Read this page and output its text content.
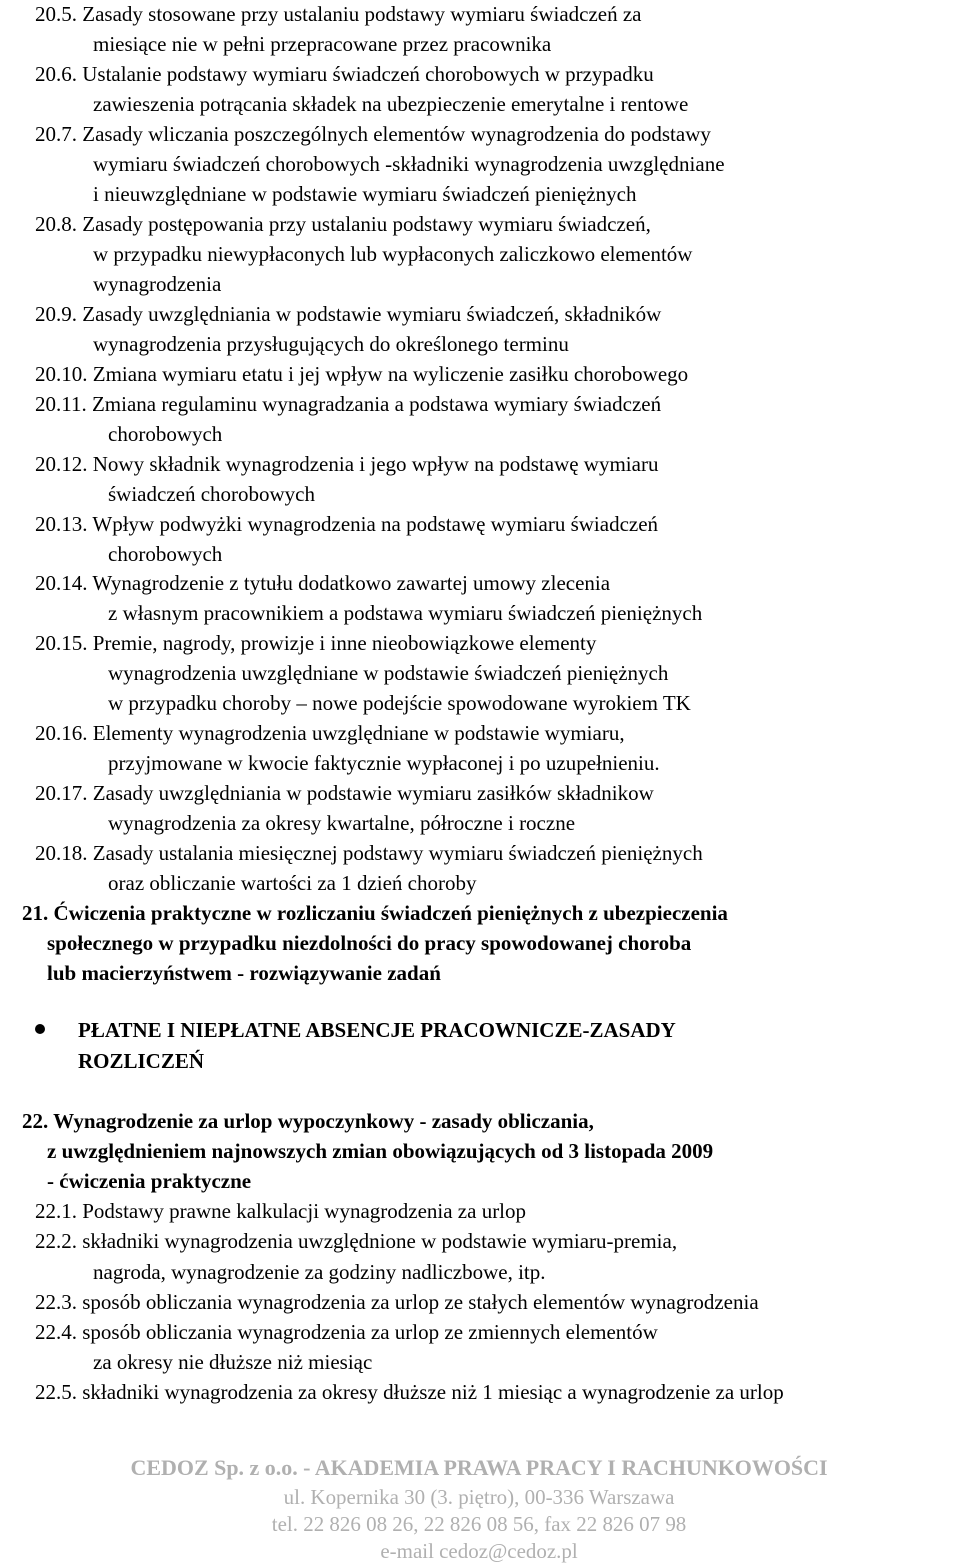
20.5. Zasady stosowane przy ustalaniu podstawy wymiaru świadczeń za
miesiące nie w pełni przepracowane przez pracownika
20.6. Ustalanie podstawy wymiaru świadczeń chorobowych w przypadku
zawieszenia potrącania składek na ubezpieczenie emerytalne i rentowe
20.7. Zasady wliczania poszczególnych elementów wynagrodzenia do podstawy
wymiaru świadczeń chorobowych -składniki wynagrodzenia uwzględniane
i nieuwzględniane w podstawie wymiaru świadczeń pieniężnych
20.8. Zasady postępowania przy ustalaniu podstawy wymiaru świadczeń,
w przypadku niewypłaconych lub wypłaconych zaliczkowo elementów
wynagrodzenia
20.9. Zasady uwzględniania w podstawie wymiaru świadczeń, składników
wynagrodzenia przysługujących do określonego terminu
20.10. Zmiana wymiaru etatu i jej wpływ na wyliczenie zasiłku chorobowego
20.11. Zmiana regulaminu wynagradzania a podstawa wymiary świadczeń
chorobowych
20.12. Nowy składnik wynagrodzenia i jego wpływ na podstawę wymiaru
świadczeń chorobowych
20.13. Wpływ podwyżki wynagrodzenia na podstawę wymiaru świadczeń
chorobowych
20.14. Wynagrodzenie z tytułu dodatkowo zawartej umowy zlecenia
z własnym pracownikiem a podstawa wymiaru świadczeń pieniężnych
20.15. Premie, nagrody, prowizje i inne nieobowiązkowe elementy
wynagrodzenia uwzględniane w podstawie świadczeń pieniężnych
w przypadku choroby – nowe podejście spowodowane wyrokiem TK
20.16. Elementy wynagrodzenia uwzględniane w podstawie wymiaru,
przyjmowane w kwocie faktycznie wypłaconej i po uzupełnieniu.
20.17. Zasady uwzględniania w podstawie wymiaru zasiłków składnikow
wynagrodzenia za okresy kwartalne, półroczne i roczne
20.18. Zasady ustalania miesięcznej podstawy wymiaru świadczeń pieniężnych
oraz obliczanie wartości za 1 dzień choroby
21. Ćwiczenia praktyczne w rozliczaniu świadczeń pieniężnych z ubezpieczenia
społecznego w przypadku niezdolności do pracy spowodowanej choroba
lub macierzyństwem - rozwiązywanie zadań
PŁATNE I NIEPŁATNE ABSENCJE PRACOWNICZE-ZASADY
ROZLICZEŃ
22. Wynagrodzenie za urlop wypoczynkowy - zasady obliczania,
z uwzględnieniem najnowszych zmian obowiązujących od 3 listopada 2009
- ćwiczenia praktyczne
22.1. Podstawy prawne kalkulacji wynagrodzenia za urlop
22.2. składniki wynagrodzenia uwzględnione w podstawie wymiaru-premia,
nagroda, wynagrodzenie za godziny nadliczbowe, itp.
22.3. sposób obliczania wynagrodzenia za urlop ze stałych elementów wynagrodzenia
22.4. sposób obliczania wynagrodzenia za urlop ze zmiennych elementów
za okresy nie dłuższe niż miesiąc
22.5. składniki wynagrodzenia za okresy dłuższe niż 1 miesiąc a wynagrodzenie za urlop
CEDOZ Sp. z o.o. - AKADEMIA PRAWA PRACY I RACHUNKOWOŚCI
ul. Kopernika 30 (3. piętro), 00-336 Warszawa
tel. 22 826 08 26, 22 826 08 56, fax 22 826 07 98
e-mail cedoz@cedoz.pl
